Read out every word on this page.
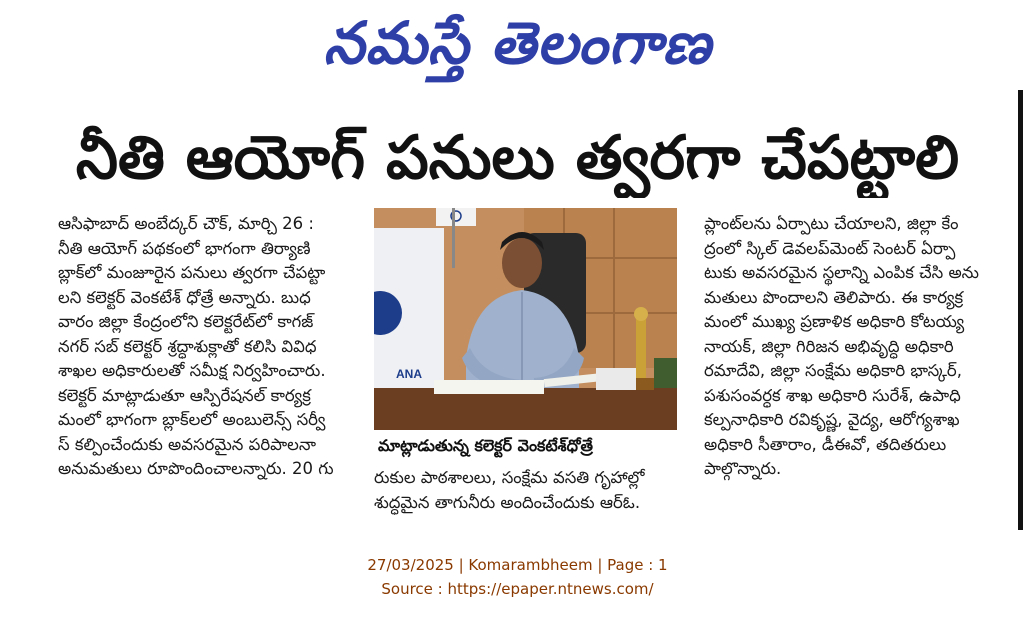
నమస్తే తెలంగాణ
నీతి ఆయోగ్ పనులు త్వరగా చేపట్టాలి
ఆసిఫాబాద్ అంబేద్కర్ చౌక్, మార్చి 26 :
నీతి ఆయోగ్ పథకంలో భాగంగా తిర్యాణి
బ్లాక్‌లో మంజూరైన పనులు త్వరగా చేపట్టా
లని కలెక్టర్ వెంకటేశ్ ధోత్రే అన్నారు. బుధ
వారం జిల్లా కేంద్రంలోని కలెక్టరేట్‌లో కాగజ్
నగర్ సబ్ కలెక్టర్ శ్రద్ధాశుక్లాతో కలిసి వివిధ
శాఖల అధికారులతో సమీక్ష నిర్వహించారు.
కలెక్టర్ మాట్లాడుతూ ఆస్పిరేషనల్ కార్యక్ర
మంలో భాగంగా బ్లాక్‌లలో అంబులెన్స్ సర్వీ
స్ కల్పించేందుకు అవసరమైన పరిపాలనా
అనుమతులు రూపొందించాలన్నారు. 20 గు
ANA
మాట్లాడుతున్న కలెక్టర్ వెంకటేశ్‌ధోత్రే
రుకుల పాఠశాలలు, సంక్షేమ వసతి గృహాల్లో
శుద్ధమైన తాగునీరు అందించేందుకు ఆర్ఓ.
ప్లాంట్‌లను ఏర్పాటు చేయాలని, జిల్లా కేం
ద్రంలో స్కిల్ డెవలప్‌మెంట్ సెంటర్ ఏర్పా
టుకు అవసరమైన స్థలాన్ని ఎంపిక చేసి అను
మతులు పొందాలని తెలిపారు. ఈ కార్యక్ర
మంలో ముఖ్య ప్రణాళిక అధికారి కోటయ్య
నాయక్, జిల్లా గిరిజన అభివృద్ధి అధికారి
రమాదేవి, జిల్లా సంక్షేమ అధికారి భాస్కర్,
పశుసంవర్ధక శాఖ అధికారి సురేశ్, ఉపాధి
కల్పనాధికారి రవికృష్ణ, వైద్య, ఆరోగ్యశాఖ
అధికారి సీతారాం, డీఈవో, తదితరులు
పాల్గొన్నారు.
27/03/2025 | Komarambheem | Page : 1
Source : https://epaper.ntnews.com/
